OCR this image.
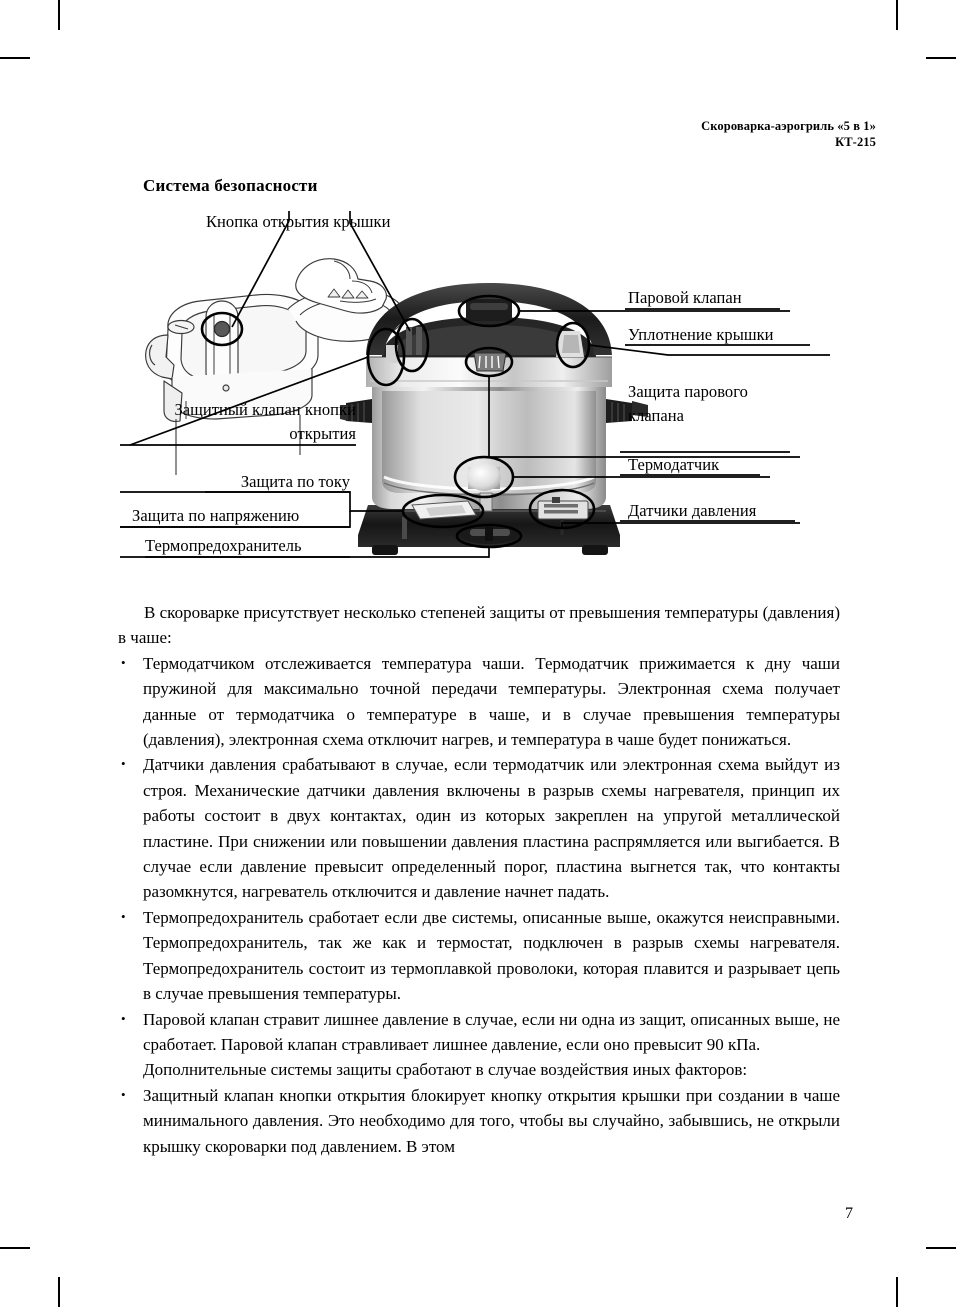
Скороварка-аэрогриль «5 в 1»
КТ-215
Система безопасности
Кнопка открытия крышки
Паровой клапан
Уплотнение крышки
Защита парового клапана
Термодатчик
Датчики давления
Защитный клапан кнопки открытия
Защита по току
Защита по напряжению
Термопредохранитель

В скороварке присутствует несколько степеней защиты от превышения температуры (давления) в чаше:

• Термодатчиком отслеживается температура чаши. Термодатчик прижимается к дну чаши пружиной для максимально точной передачи температуры. Электронная схема получает данные от термодатчика о температуре в чаше, и в случае превышения температуры (давления), электронная схема отключит нагрев, и температура в чаше будет понижаться.
• Датчики давления срабатывают в случае, если термодатчик или электронная схема выйдут из строя. Механические датчики давления включены в разрыв схемы нагревателя, принцип их работы состоит в двух контактах, один из которых закреплен на упругой металлической пластине. При снижении или повышении давления пластина распрямляется или выгибается. В случае если давление превысит определенный порог, пластина выгнется так, что контакты разомкнутся, нагреватель отключится и давление начнет падать.
• Термопредохранитель сработает если две системы, описанные выше, окажутся неисправными. Термопредохранитель, так же как и термостат, подключен в разрыв схемы нагревателя. Термопредохранитель состоит из термоплавкой проволоки, которая плавится и разрывает цепь в случае превышения температуры.
• Паровой клапан стравит лишнее давление в случае, если ни одна из защит, описанных выше, не сработает. Паровой клапан стравливает лишнее давление, если оно превысит 90 кПа.
Дополнительные системы защиты сработают в случае воздействия иных факторов:
• Защитный клапан кнопки открытия блокирует кнопку открытия крышки при создании в чаше минимального давления. Это необходимо для того, чтобы вы случайно, забывшись, не открыли крышку скороварки под давлением. В этом
7
